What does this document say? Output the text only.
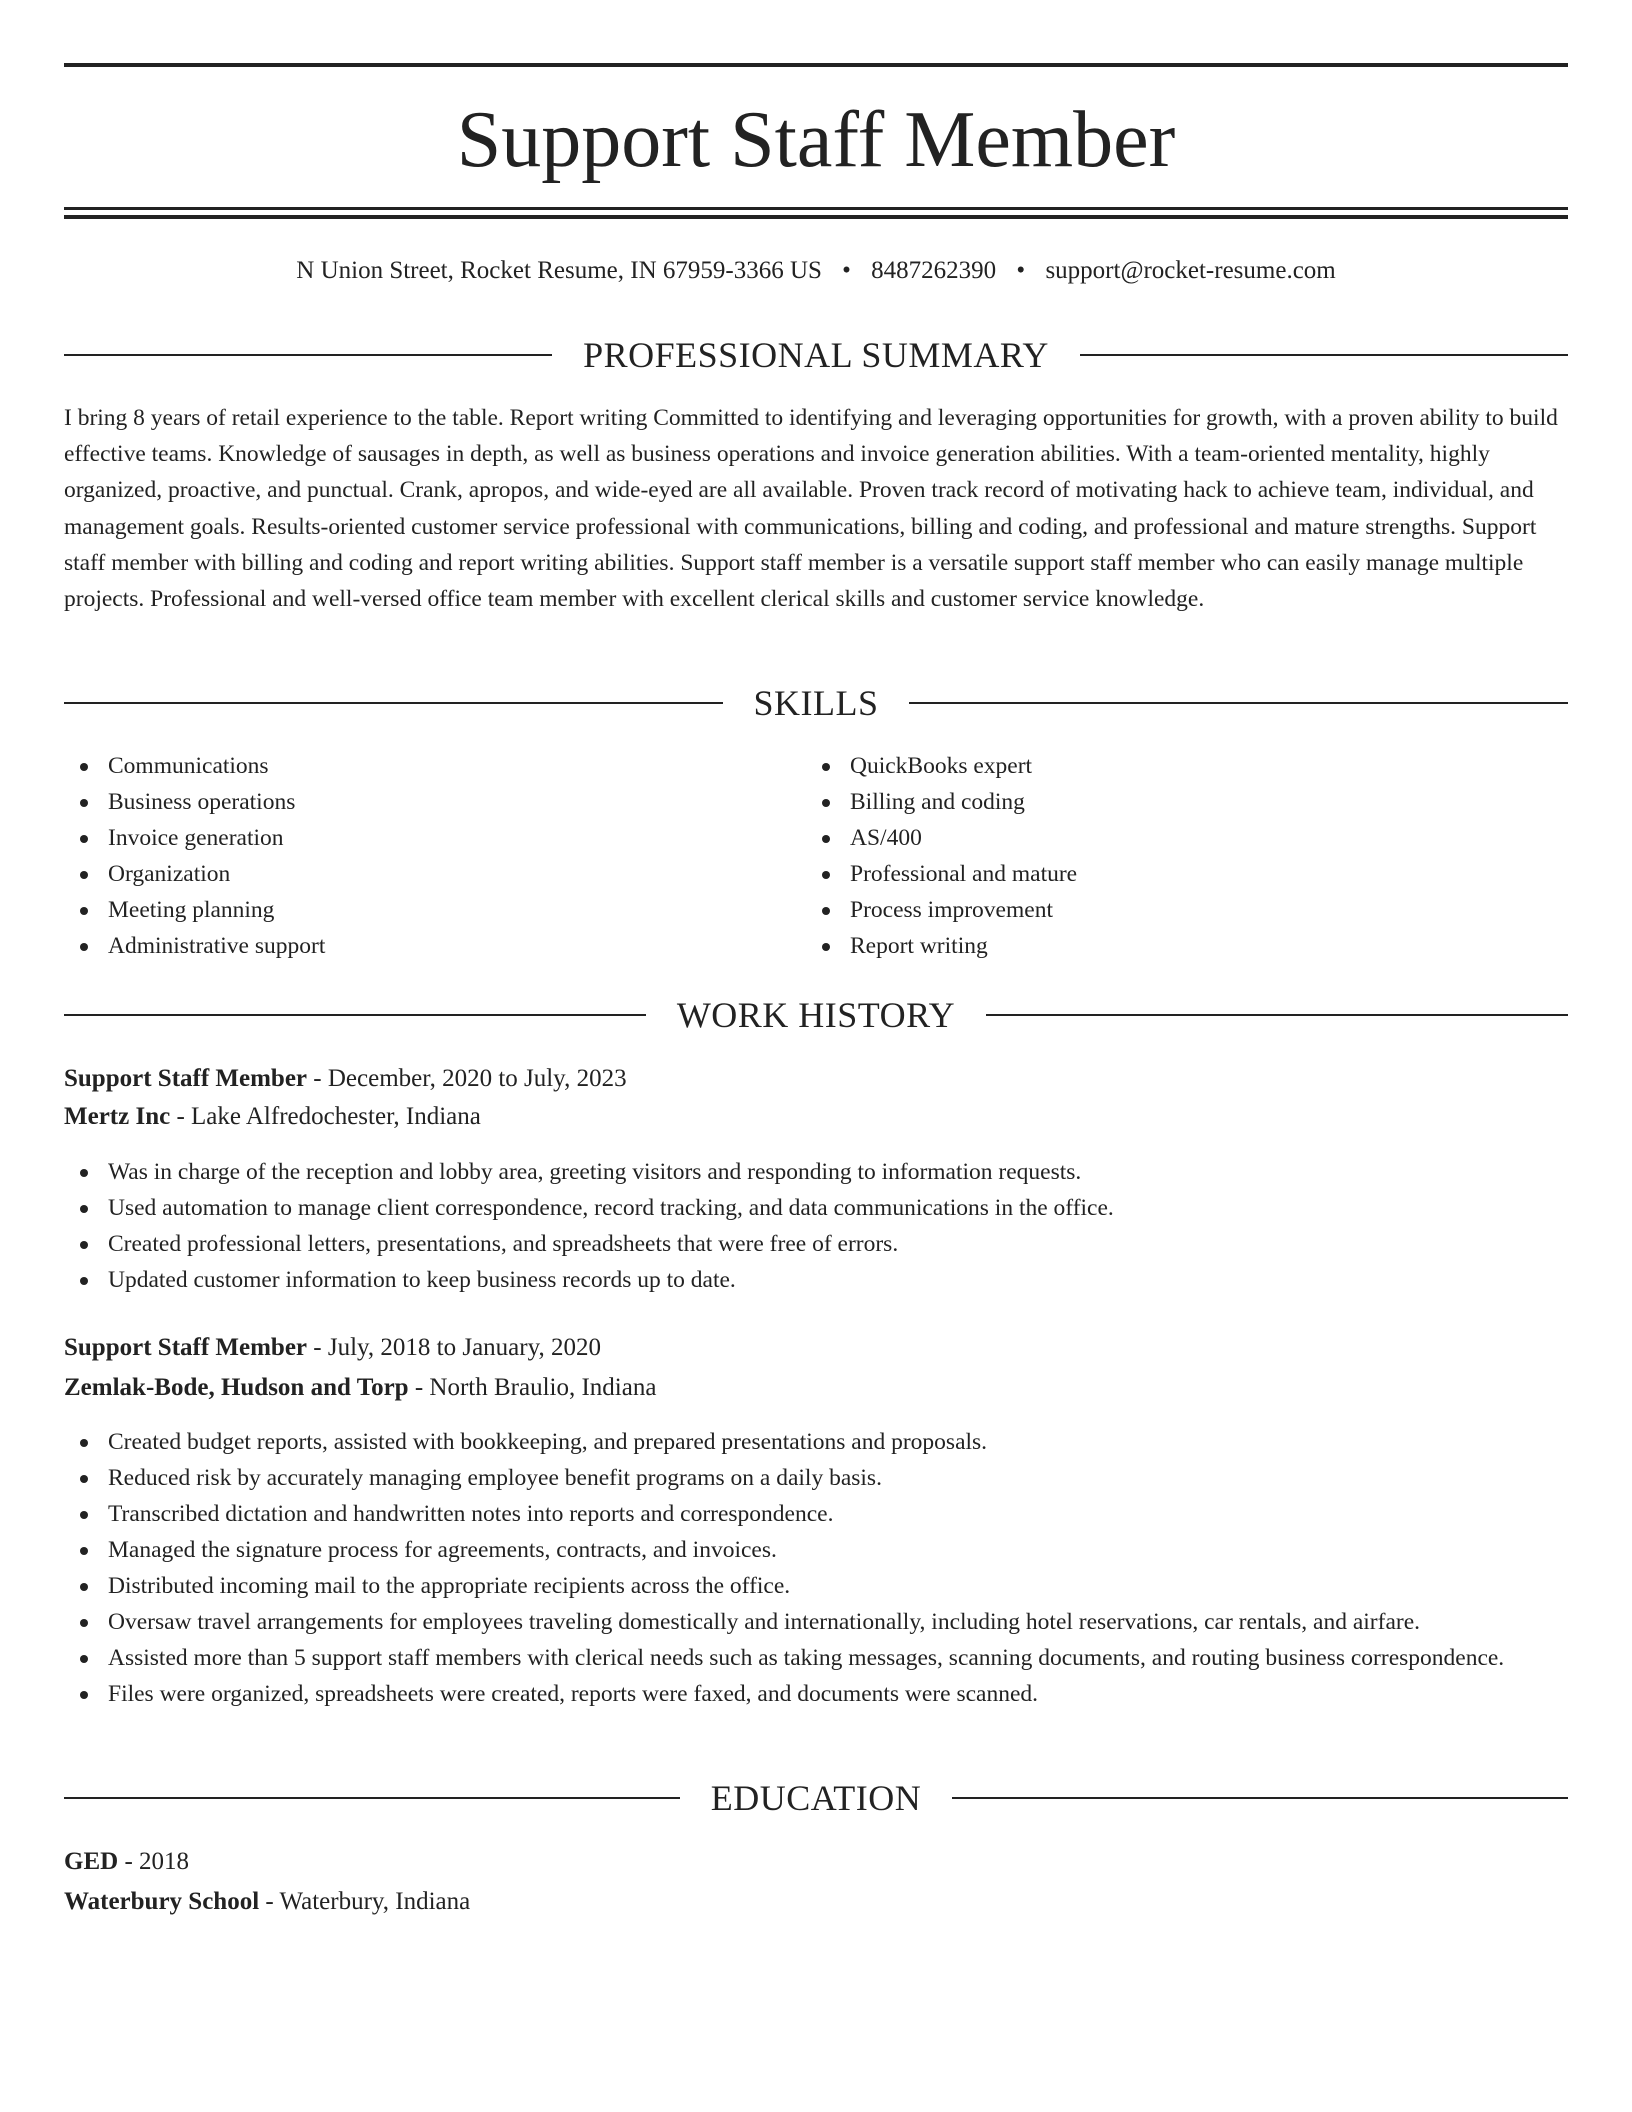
Support Staff Member
N Union Street, Rocket Resume, IN 67959-3366 US • 8487262390 • support@rocket-resume.com
PROFESSIONAL SUMMARY

I bring 8 years of retail experience to the table. Report writing Committed to identifying and leveraging opportunities for growth, with a proven ability to build effective teams. Knowledge of sausages in depth, as well as business operations and invoice generation abilities. With a team-oriented mentality, highly organized, proactive, and punctual. Crank, apropos, and wide-eyed are all available. Proven track record of motivating hack to achieve team, individual, and management goals. Results-oriented customer service professional with communications, billing and coding, and professional and mature strengths. Support staff member with billing and coding and report writing abilities. Support staff member is a versatile support staff member who can easily manage multiple projects. Professional and well-versed office team member with excellent clerical skills and customer service knowledge.

SKILLS
Communications
Business operations
Invoice generation
Organization
Meeting planning
Administrative support
QuickBooks expert
Billing and coding
AS/400
Professional and mature
Process improvement
Report writing
WORK HISTORY
Support Staff Member - December, 2020 to July, 2023
Mertz Inc - Lake Alfredochester, Indiana
Was in charge of the reception and lobby area, greeting visitors and responding to information requests.
Used automation to manage client correspondence, record tracking, and data communications in the office.
Created professional letters, presentations, and spreadsheets that were free of errors.
Updated customer information to keep business records up to date.
Support Staff Member - July, 2018 to January, 2020
Zemlak-Bode, Hudson and Torp - North Braulio, Indiana
Created budget reports, assisted with bookkeeping, and prepared presentations and proposals.
Reduced risk by accurately managing employee benefit programs on a daily basis.
Transcribed dictation and handwritten notes into reports and correspondence.
Managed the signature process for agreements, contracts, and invoices.
Distributed incoming mail to the appropriate recipients across the office.
Oversaw travel arrangements for employees traveling domestically and internationally, including hotel reservations, car rentals, and airfare.
Assisted more than 5 support staff members with clerical needs such as taking messages, scanning documents, and routing business correspondence.
Files were organized, spreadsheets were created, reports were faxed, and documents were scanned.
EDUCATION
GED - 2018
Waterbury School - Waterbury, Indiana
